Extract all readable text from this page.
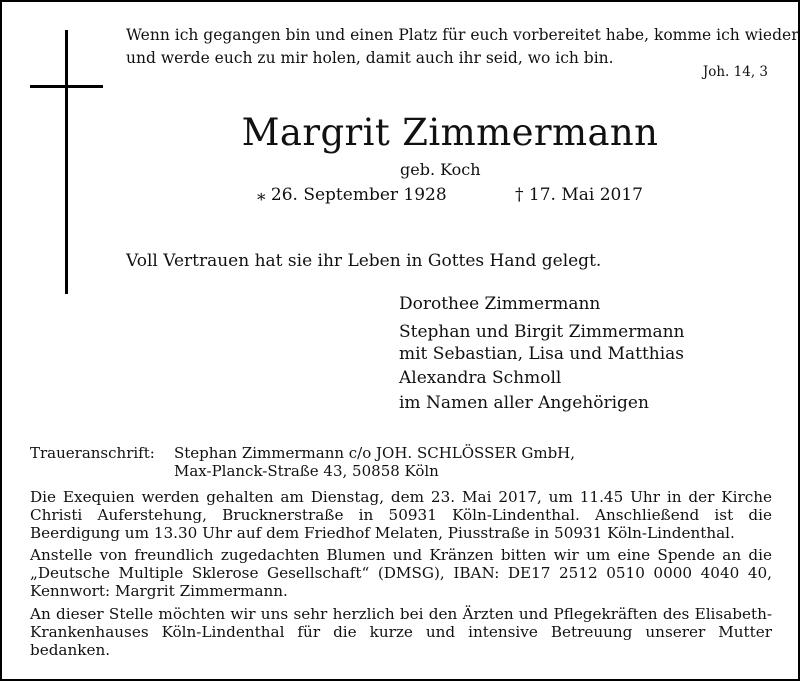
Wenn ich gegangen bin und einen Platz für euch vorbereitet habe, komme ich wieder
und werde euch zu mir holen, damit auch ihr seid, wo ich bin.
Joh. 14, 3
Margrit Zimmermann
geb. Koch
⁎ 26. September 1928	† 17. Mai 2017
Voll Vertrauen hat sie ihr Leben in Gottes Hand gelegt.
Dorothee Zimmermann
Stephan und Birgit Zimmermann
mit Sebastian, Lisa und Matthias
Alexandra Schmoll
im Namen aller Angehörigen
Traueranschrift: Stephan Zimmermann c/o JOH. SCHLÖSSER GmbH,
Max-Planck-Straße 43, 50858 Köln
Die Exequien werden gehalten am Dienstag, dem 23. Mai 2017, um 11.45 Uhr in der Kirche Christi Auferstehung, Brucknerstraße in 50931 Köln-Lindenthal. Anschließend ist die Beerdigung um 13.30 Uhr auf dem Friedhof Melaten, Piusstraße in 50931 Köln-Lindenthal.
Anstelle von freundlich zugedachten Blumen und Kränzen bitten wir um eine Spende an die „Deutsche Multiple Sklerose Gesellschaft“ (DMSG), IBAN: DE17 2512 0510 0000 4040 40, Kennwort: Margrit Zimmermann.
An dieser Stelle möchten wir uns sehr herzlich bei den Ärzten und Pflegekräften des Elisabeth-Krankenhauses Köln-Lindenthal für die kurze und intensive Betreuung unserer Mutter bedanken.
